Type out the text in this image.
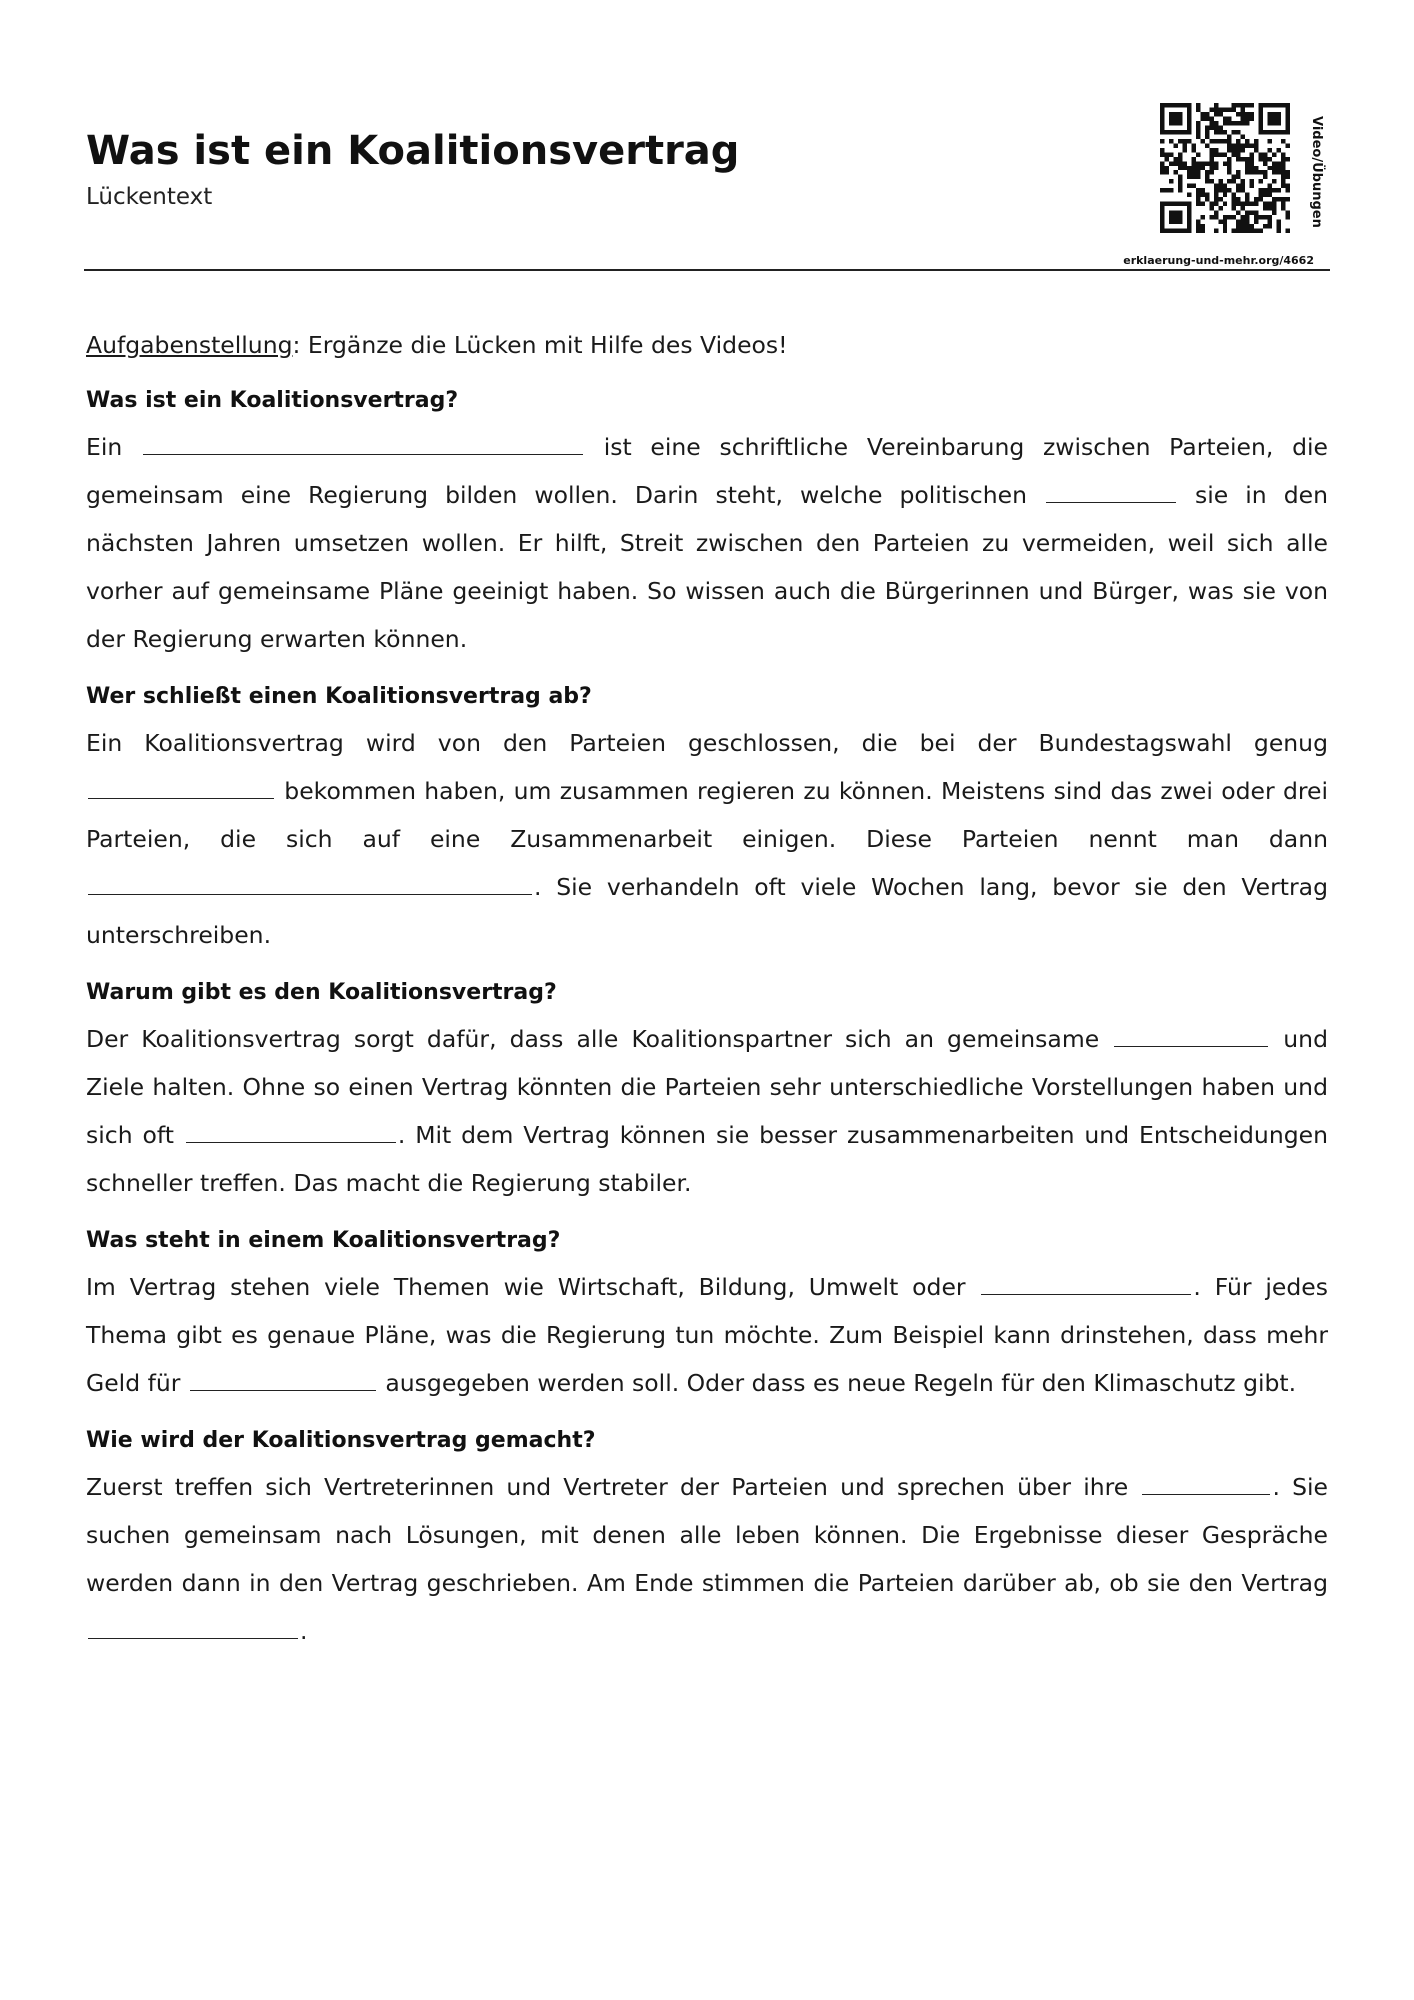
Was ist ein Koalitionsvertrag
Lückentext	Video/Übungen
erklaerung-und-mehr.org/4662

Aufgabenstellung: Ergänze die Lücken mit Hilfe des Videos!

Was ist ein Koalitionsvertrag?

Ein	ist eine schriftliche Vereinbarung zwischen Parteien, die gemeinsam eine Regierung bilden wollen. Darin steht, welche politischen	sie in den nächsten Jahren umsetzen wollen. Er hilft, Streit zwischen den Parteien zu vermeiden, weil sich alle vorher auf gemeinsame Pläne geeinigt haben. So wissen auch die Bürgerinnen und Bürger, was sie von der Regierung erwarten können.

Wer schließt einen Koalitionsvertrag ab?

Ein Koalitionsvertrag wird von den Parteien geschlossen, die bei der Bundestagswahl genug  bekommen haben, um zusammen regieren zu können. Meistens sind das zwei oder drei Parteien, die sich auf eine Zusammenarbeit einigen. Diese Parteien nennt man dann . Sie verhandeln oft viele Wochen lang, bevor sie den Vertrag unterschreiben.

Warum gibt es den Koalitionsvertrag?

Der Koalitionsvertrag sorgt dafür, dass alle Koalitionspartner sich an gemeinsame	und Ziele halten. Ohne so einen Vertrag könnten die Parteien sehr unterschiedliche Vorstellungen haben und sich oft	. Mit dem Vertrag können sie besser zusammenarbeiten und Entscheidungen schneller treffen. Das macht die Regierung stabiler.

Was steht in einem Koalitionsvertrag?

Im Vertrag stehen viele Themen wie Wirtschaft, Bildung, Umwelt oder	. Für jedes Thema gibt es genaue Pläne, was die Regierung tun möchte. Zum Beispiel kann drinstehen, dass mehr Geld für	ausgegeben werden soll. Oder dass es neue Regeln für den Klimaschutz gibt.

Wie wird der Koalitionsvertrag gemacht?

Zuerst treffen sich Vertreterinnen und Vertreter der Parteien und sprechen über ihre	. Sie suchen gemeinsam nach Lösungen, mit denen alle leben können. Die Ergebnisse dieser Gespräche werden dann in den Vertrag geschrieben. Am Ende stimmen die Parteien darüber ab, ob sie den Vertrag .
